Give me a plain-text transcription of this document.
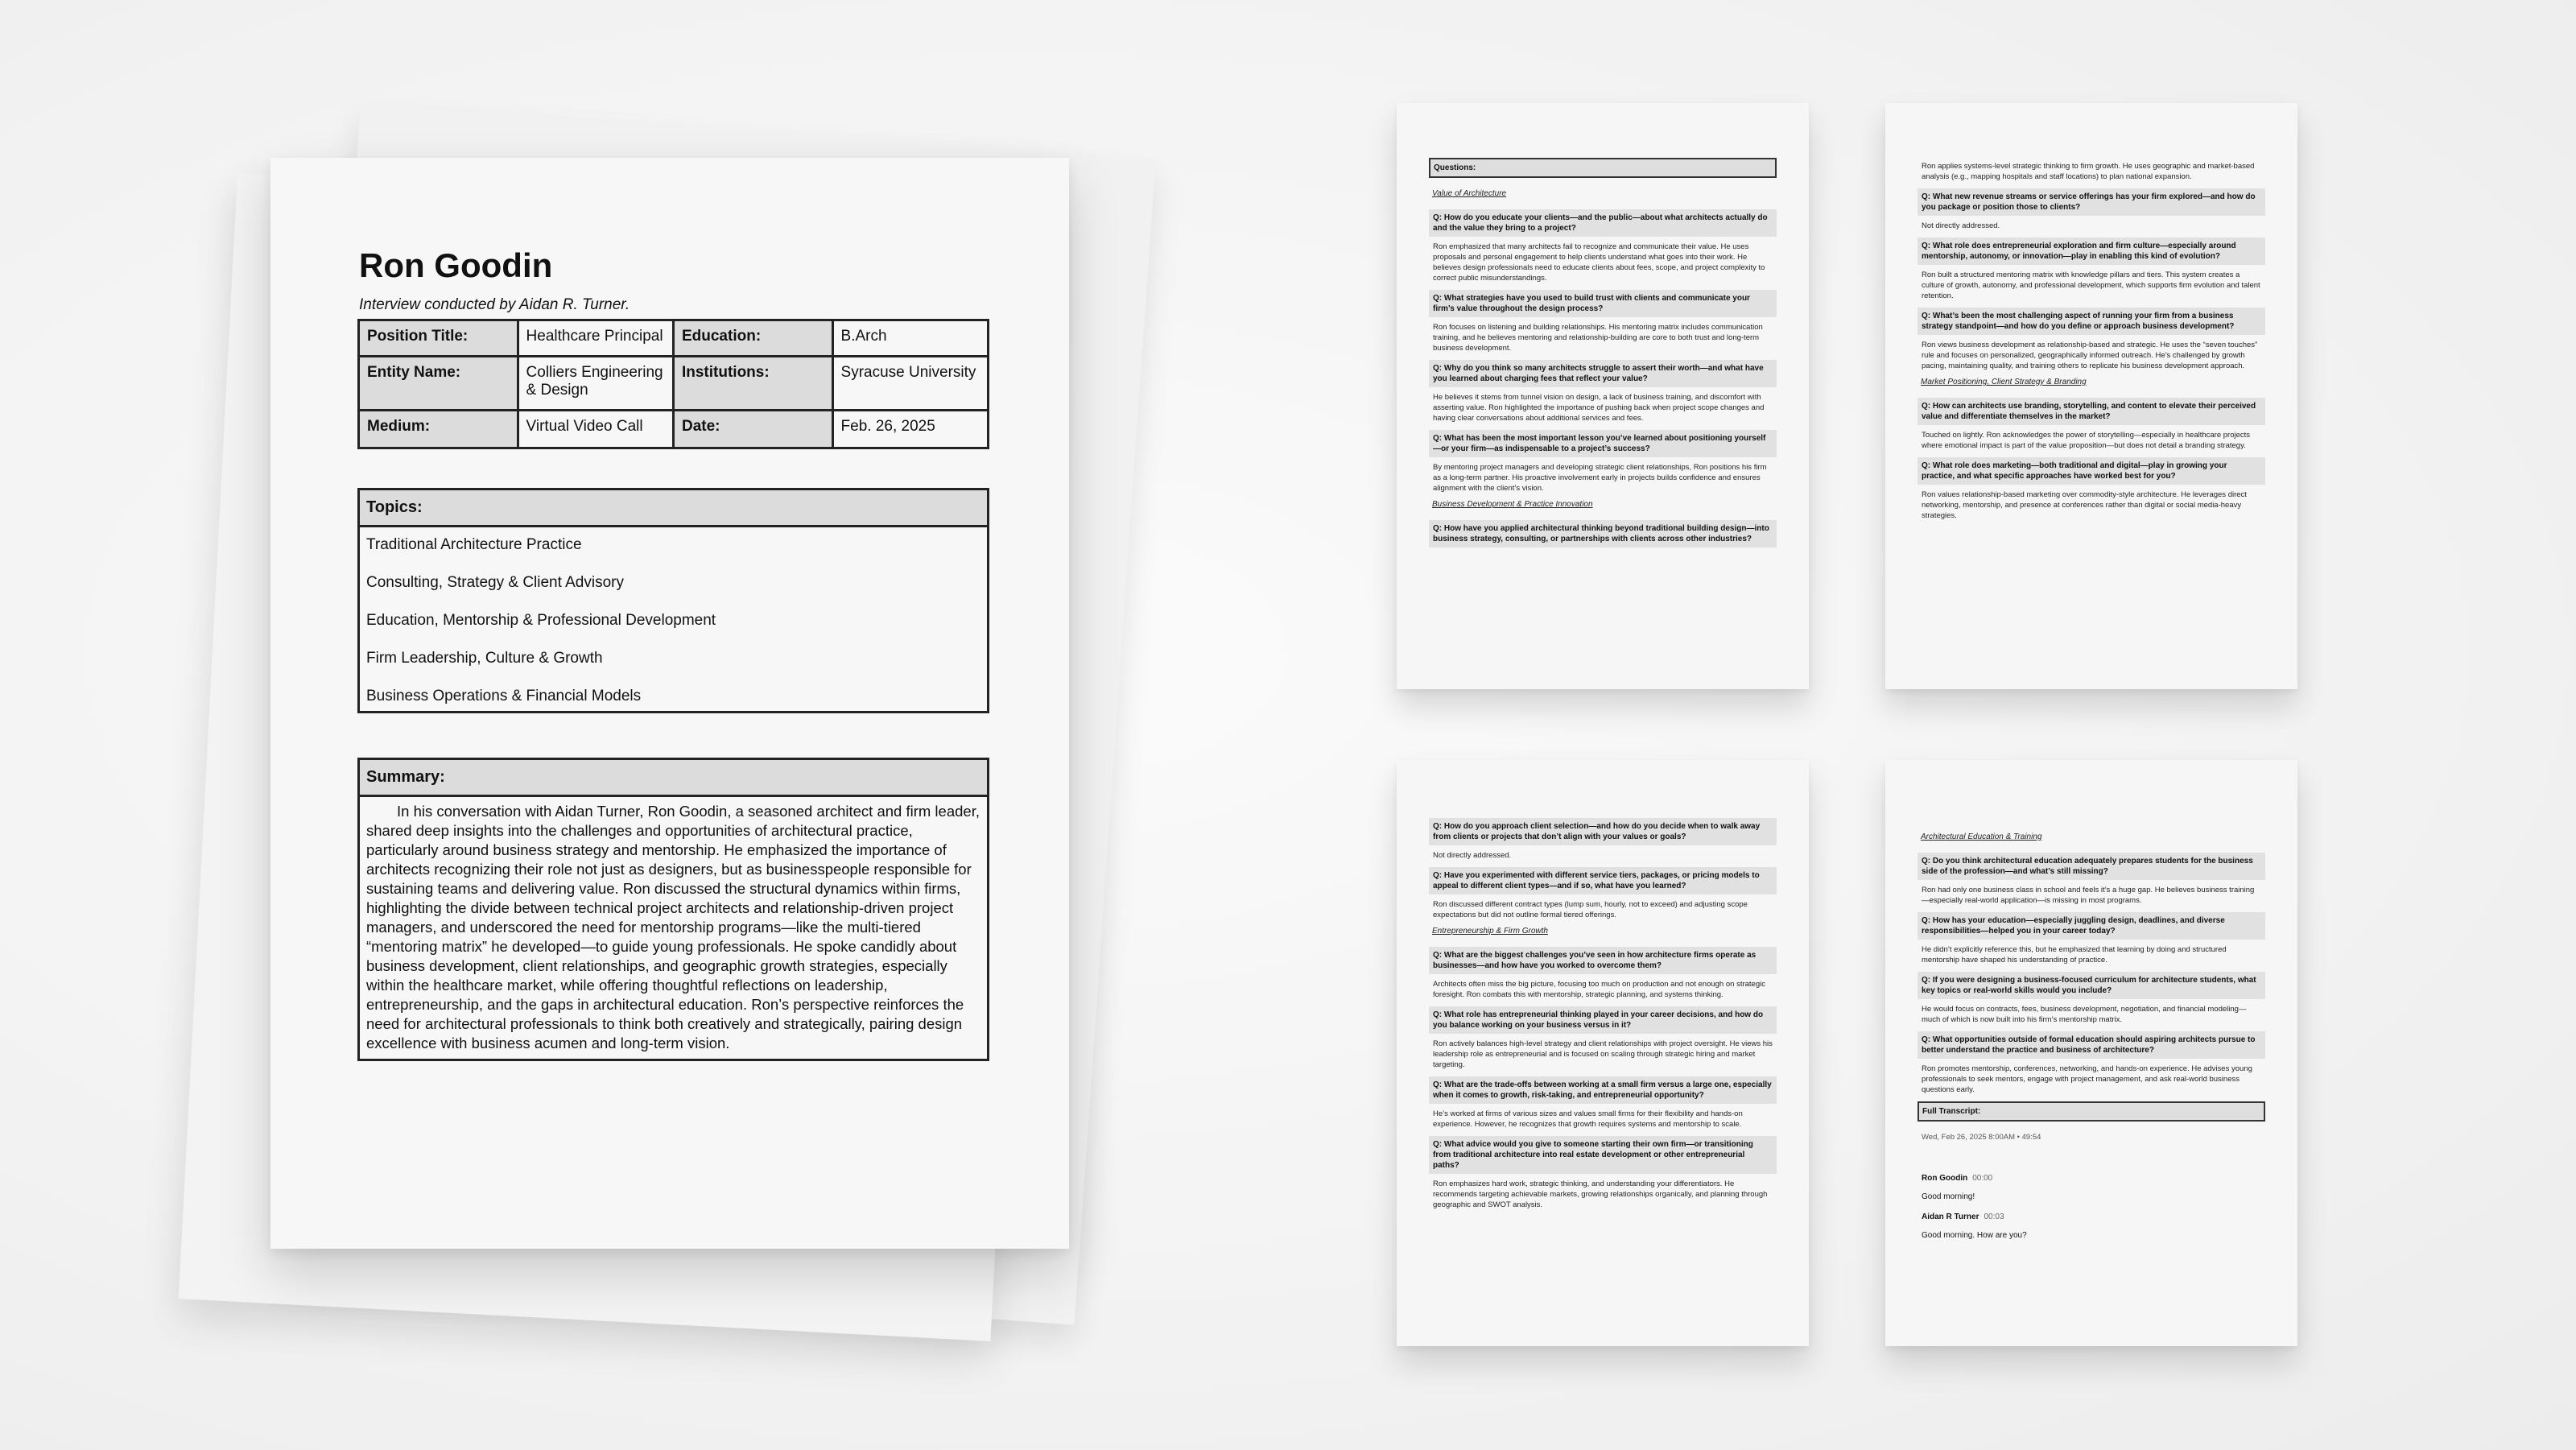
Ron Goodin
Interview conducted by Aidan R. Turner.
Position Title:	Healthcare Principal	Education:	B.Arch
Entity Name:	Colliers Engineering & Design	Institutions:	Syracuse University
Medium:	Virtual Video Call	Date:	Feb. 26, 2025
Topics:
Traditional Architecture Practice
Consulting, Strategy & Client Advisory
Education, Mentorship & Professional Development
Firm Leadership, Culture & Growth
Business Operations & Financial Models
Summary:
In his conversation with Aidan Turner, Ron Goodin, a seasoned architect and firm leader, shared deep insights into the challenges and opportunities of architectural practice, particularly around business strategy and mentorship. He emphasized the importance of architects recognizing their role not just as designers, but as businesspeople responsible for sustaining teams and delivering value. Ron discussed the structural dynamics within firms, highlighting the divide between technical project architects and relationship-driven project managers, and underscored the need for mentorship programs—like the multi-tiered “mentoring matrix” he developed—to guide young professionals. He spoke candidly about business development, client relationships, and geographic growth strategies, especially within the healthcare market, while offering thoughtful reflections on leadership, entrepreneurship, and the gaps in architectural education. Ron’s perspective reinforces the need for architectural professionals to think both creatively and strategically, pairing design excellence with business acumen and long-term vision.
Questions:
Value of Architecture
Q: How do you educate your clients—and the public—about what architects actually do and the value they bring to a project?
Ron emphasized that many architects fail to recognize and communicate their value. He uses proposals and personal engagement to help clients understand what goes into their work. He believes design professionals need to educate clients about fees, scope, and project complexity to correct public misunderstandings.
Q: What strategies have you used to build trust with clients and communicate your firm’s value throughout the design process?
Ron focuses on listening and building relationships. His mentoring matrix includes communication training, and he believes mentoring and relationship-building are core to both trust and long-term business development.
Q: Why do you think so many architects struggle to assert their worth—and what have you learned about charging fees that reflect your value?
He believes it stems from tunnel vision on design, a lack of business training, and discomfort with asserting value. Ron highlighted the importance of pushing back when project scope changes and having clear conversations about additional services and fees.
Q: What has been the most important lesson you’ve learned about positioning yourself—or your firm—as indispensable to a project’s success?
By mentoring project managers and developing strategic client relationships, Ron positions his firm as a long-term partner. His proactive involvement early in projects builds confidence and ensures alignment with the client’s vision.
Business Development & Practice Innovation
Q: How have you applied architectural thinking beyond traditional building design—into business strategy, consulting, or partnerships with clients across other industries?
Ron applies systems-level strategic thinking to firm growth. He uses geographic and market-based analysis (e.g., mapping hospitals and staff locations) to plan national expansion.
Q: What new revenue streams or service offerings has your firm explored—and how do you package or position those to clients?
Not directly addressed.
Q: What role does entrepreneurial exploration and firm culture—especially around mentorship, autonomy, or innovation—play in enabling this kind of evolution?
Ron built a structured mentoring matrix with knowledge pillars and tiers. This system creates a culture of growth, autonomy, and professional development, which supports firm evolution and talent retention.
Q: What’s been the most challenging aspect of running your firm from a business strategy standpoint—and how do you define or approach business development?
Ron views business development as relationship-based and strategic. He uses the “seven touches” rule and focuses on personalized, geographically informed outreach. He’s challenged by growth pacing, maintaining quality, and training others to replicate his business development approach.
Market Positioning, Client Strategy & Branding
Q: How can architects use branding, storytelling, and content to elevate their perceived value and differentiate themselves in the market?
Touched on lightly. Ron acknowledges the power of storytelling—especially in healthcare projects where emotional impact is part of the value proposition—but does not detail a branding strategy.
Q: What role does marketing—both traditional and digital—play in growing your practice, and what specific approaches have worked best for you?
Ron values relationship-based marketing over commodity-style architecture. He leverages direct networking, mentorship, and presence at conferences rather than digital or social media-heavy strategies.
Q: How do you approach client selection—and how do you decide when to walk away from clients or projects that don’t align with your values or goals?
Not directly addressed.
Q: Have you experimented with different service tiers, packages, or pricing models to appeal to different client types—and if so, what have you learned?
Ron discussed different contract types (lump sum, hourly, not to exceed) and adjusting scope expectations but did not outline formal tiered offerings.
Entrepreneurship & Firm Growth
Q: What are the biggest challenges you’ve seen in how architecture firms operate as businesses—and how have you worked to overcome them?
Architects often miss the big picture, focusing too much on production and not enough on strategic foresight. Ron combats this with mentorship, strategic planning, and systems thinking.
Q: What role has entrepreneurial thinking played in your career decisions, and how do you balance working on your business versus in it?
Ron actively balances high-level strategy and client relationships with project oversight. He views his leadership role as entrepreneurial and is focused on scaling through strategic hiring and market targeting.
Q: What are the trade-offs between working at a small firm versus a large one, especially when it comes to growth, risk-taking, and entrepreneurial opportunity?
He’s worked at firms of various sizes and values small firms for their flexibility and hands-on experience. However, he recognizes that growth requires systems and mentorship to scale.
Q: What advice would you give to someone starting their own firm—or transitioning from traditional architecture into real estate development or other entrepreneurial paths?
Ron emphasizes hard work, strategic thinking, and understanding your differentiators. He recommends targeting achievable markets, growing relationships organically, and planning through geographic and SWOT analysis.
Architectural Education & Training
Q: Do you think architectural education adequately prepares students for the business side of the profession—and what’s still missing?
Ron had only one business class in school and feels it’s a huge gap. He believes business training—especially real-world application—is missing in most programs.
Q: How has your education—especially juggling design, deadlines, and diverse responsibilities—helped you in your career today?
He didn’t explicitly reference this, but he emphasized that learning by doing and structured mentorship have shaped his understanding of practice.
Q: If you were designing a business-focused curriculum for architecture students, what key topics or real-world skills would you include?
He would focus on contracts, fees, business development, negotiation, and financial modeling—much of which is now built into his firm’s mentorship matrix.
Q: What opportunities outside of formal education should aspiring architects pursue to better understand the practice and business of architecture?
Ron promotes mentorship, conferences, networking, and hands-on experience. He advises young professionals to seek mentors, engage with project management, and ask real-world business questions early.
Full Transcript:
Wed, Feb 26, 2025 8:00AM • 49:54
Ron Goodin 00:00
Good morning!
Aidan R Turner 00:03
Good morning. How are you?
